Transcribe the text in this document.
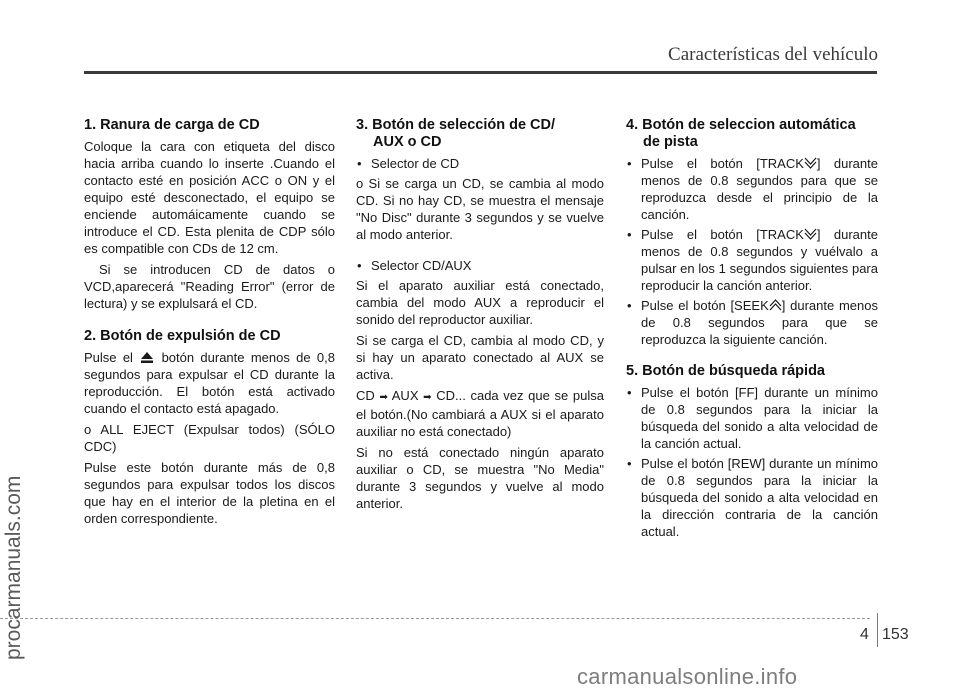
Características del vehículo
procarmanuals.com
1. Ranura de carga de CD

Coloque la cara con etiqueta del disco hacia arriba cuando lo inserte .Cuando el contacto esté en posición ACC o ON y el equipo esté desconectado, el equipo se enciende automáicamente cuando se introduce el CD. Esta plenita de CDP sólo es compatible con CDs de 12 cm.

Si se introducen CD de datos o VCD,aparecerá "Reading Error" (error de lectura) y se explulsará el CD.

2. Botón de expulsión de CD

Pulse el botón durante menos de 0,8 segundos para expulsar el CD durante la reproducción. El botón está activado cuando el contacto está apagado.

o ALL EJECT (Expulsar todos) (SÓLO CDC)

Pulse este botón durante más de 0,8 segundos para expulsar todos los discos que hay en el interior de la pletina en el orden correspondiente.

3. Botón de selección de CD/
AUX o CD

• Selector de CD

o Si se carga un CD, se cambia al modo CD. Si no hay CD, se muestra el mensaje "No Disc" durante 3 segundos y se vuelve al modo anterior.

• Selector CD/AUX

Si el aparato auxiliar está conectado, cambia del modo AUX a reproducir el sonido del reproductor auxiliar.

Si se carga el CD, cambia al modo CD, y si hay un aparato conectado al AUX se activa.

CD ➡ AUX ➡ CD... cada vez que se pulsa el botón.(No cambiará a AUX si el aparato auxiliar no está conectado)

Si no está conectado ningún aparato auxiliar o CD, se muestra "No Media" durante 3 segundos y vuelve al modo anterior.

4. Botón de seleccion automática
de pista

• Pulse el botón [TRACK ] durante menos de 0.8 segundos para que se reproduzca desde el principio de la canción.

• Pulse el botón [TRACK ] durante menos de 0.8 segundos y vuélvalo a pulsar en los 1 segundos siguientes para reproducir la canción anterior.

• Pulse el botón [SEEK ] durante menos de 0.8 segundos para que se reproduzca la siguiente canción.

5. Botón de búsqueda rápida

• Pulse el botón [FF] durante un mínimo de 0.8 segundos para la iniciar la búsqueda del sonido a alta velocidad de la canción actual.

• Pulse el botón [REW] durante un mínimo de 0.8 segundos para la iniciar la búsqueda del sonido a alta velocidad en la dirección contraria de la canción actual.

4 153
carmanualsonline.info
